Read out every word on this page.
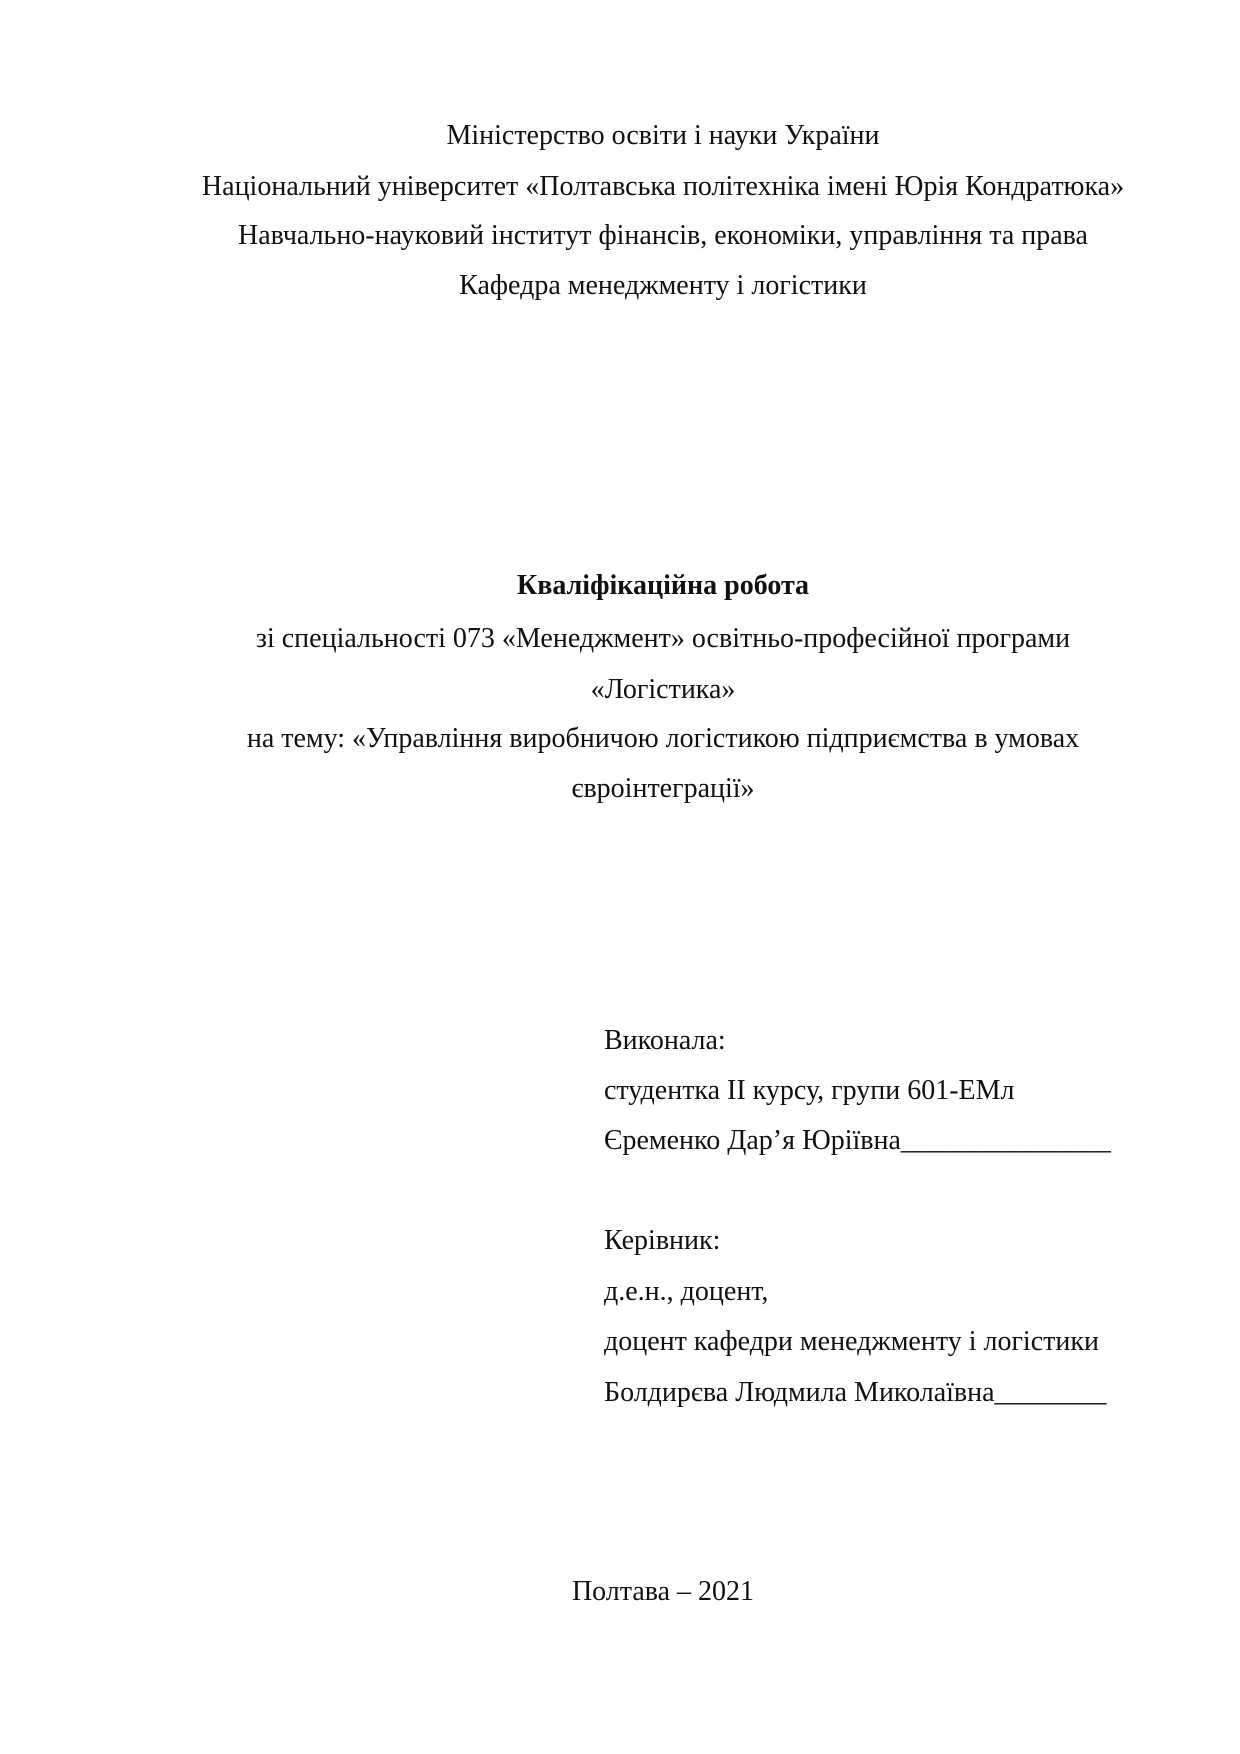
Міністерство освіти і науки України
Національний університет «Полтавська політехніка імені Юрія Кондратюка»
Навчально-науковий інститут фінансів, економіки, управління та права
Кафедра менеджменту і логістики
Кваліфікаційна робота
зі спеціальності 073 «Менеджмент» освітньо-професійної програми
«Логістика»
на тему: «Управління виробничою логістикою підприємства в умовах
євроінтеграції»
Виконала:
студентка ІІ курсу, групи 601-ЕМл
Єременко Дар’я Юріївна_______________
Керівник:
д.е.н., доцент,
доцент кафедри менеджменту і логістики
Болдирєва Людмила Миколаївна________
Полтава – 2021
